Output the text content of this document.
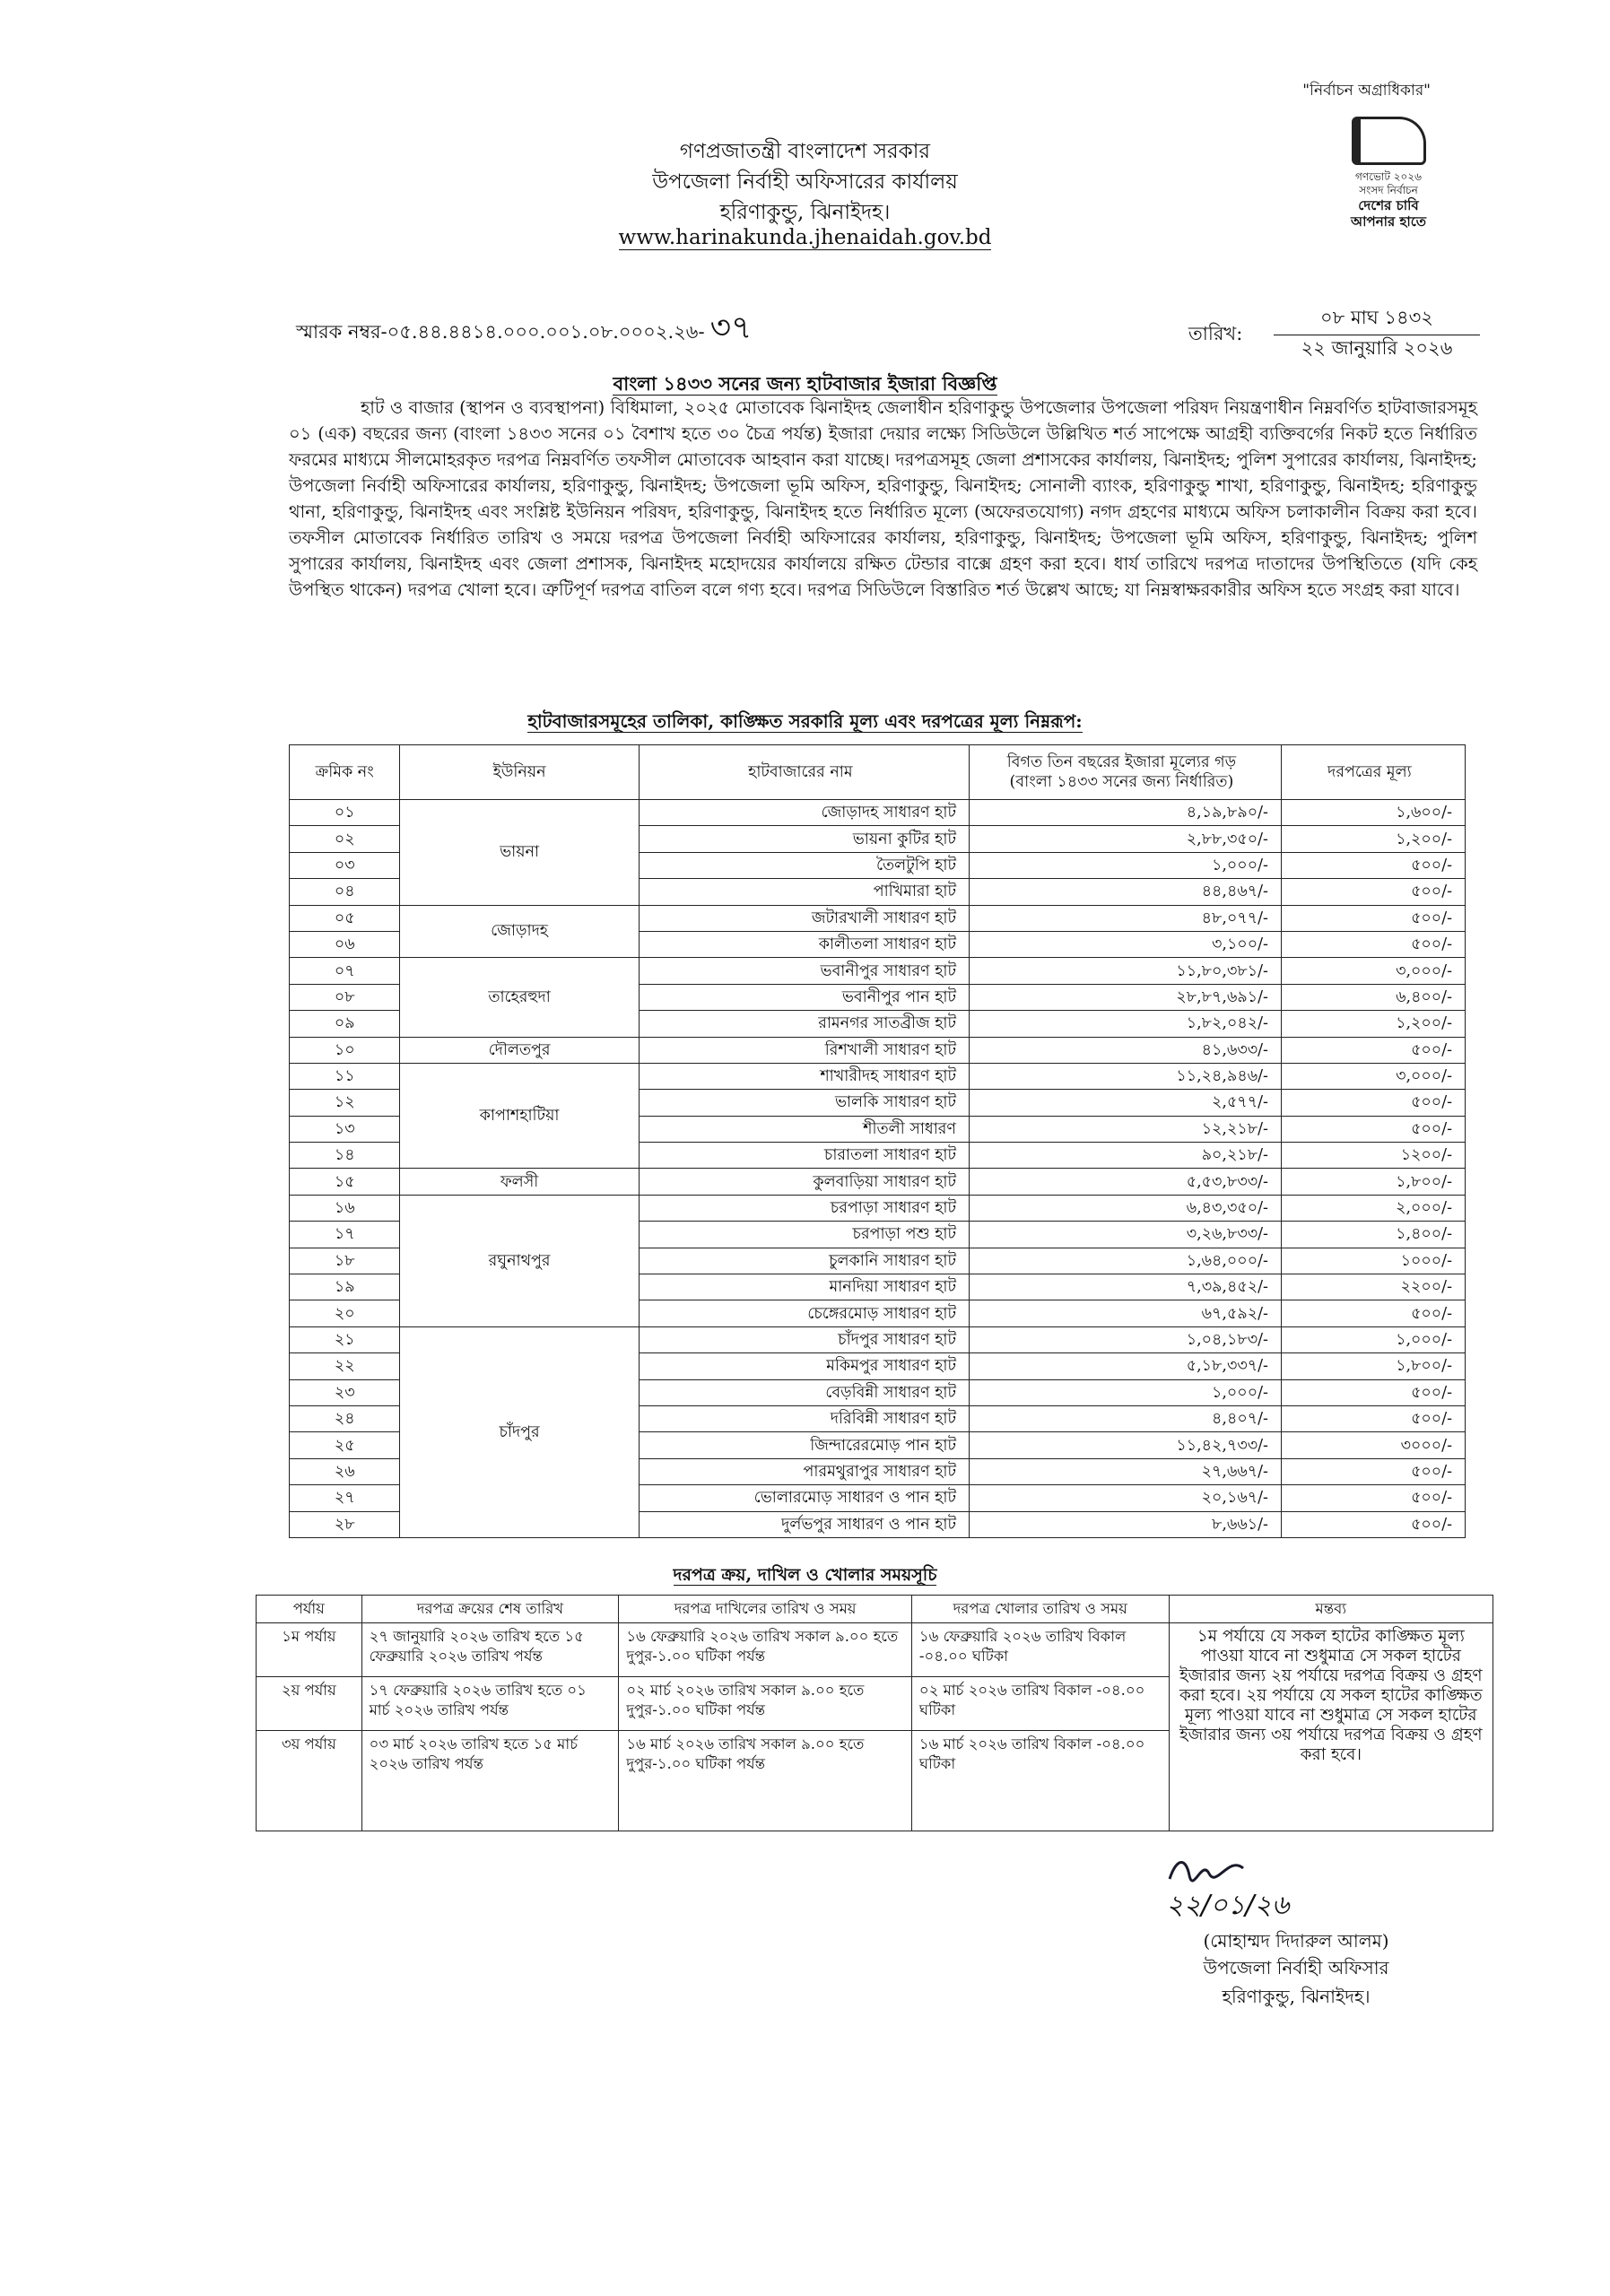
"নির্বাচন অগ্রাধিকার"
গণপ্রজাতন্ত্রী বাংলাদেশ সরকার
উপজেলা নির্বাহী অফিসারের কার্যালয়
হরিণাকুন্ডু, ঝিনাইদহ।
www.harinakunda.jhenaidah.gov.bd
গণভোট ২০২৬
সংসদ নির্বাচন
দেশের চাবি
আপনার হাতে
স্মারক নম্বর-০৫.৪৪.৪৪১৪.০০০.০০১.০৮.০০০২.২৬- ৩৭	তারিখ:
০৮ মাঘ ১৪৩২
২২ জানুয়ারি ২০২৬
বাংলা ১৪৩৩ সনের জন্য হাটবাজার ইজারা বিজ্ঞপ্তি
হাট ও বাজার (স্থাপন ও ব্যবস্থাপনা) বিধিমালা, ২০২৫ মোতাবেক ঝিনাইদহ জেলাধীন হরিণাকুন্ডু উপজেলার উপজেলা পরিষদ নিয়ন্ত্রণাধীন নিম্নবর্ণিত হাটবাজারসমূহ ০১ (এক) বছরের জন্য (বাংলা ১৪৩৩ সনের ০১ বৈশাখ হতে ৩০ চৈত্র পর্যন্ত) ইজারা দেয়ার লক্ষ্যে সিডিউলে উল্লিখিত শর্ত সাপেক্ষে আগ্রহী ব্যক্তিবর্গের নিকট হতে নির্ধারিত ফরমের মাধ্যমে সীলমোহরকৃত দরপত্র নিম্নবর্ণিত তফসীল মোতাবেক আহবান করা যাচ্ছে। দরপত্রসমূহ জেলা প্রশাসকের কার্যালয়, ঝিনাইদহ; পুলিশ সুপারের কার্যালয়, ঝিনাইদহ; উপজেলা নির্বাহী অফিসারের কার্যালয়, হরিণাকুন্ডু, ঝিনাইদহ; উপজেলা ভূমি অফিস, হরিণাকুন্ডু, ঝিনাইদহ; সোনালী ব্যাংক, হরিণাকুন্ডু শাখা, হরিণাকুন্ডু, ঝিনাইদহ; হরিণাকুন্ডু থানা, হরিণাকুন্ডু, ঝিনাইদহ এবং সংশ্লিষ্ট ইউনিয়ন পরিষদ, হরিণাকুন্ডু, ঝিনাইদহ হতে নির্ধারিত মূল্যে (অফেরতযোগ্য) নগদ গ্রহণের মাধ্যমে অফিস চলাকালীন বিক্রয় করা হবে। তফসীল মোতাবেক নির্ধারিত তারিখ ও সময়ে দরপত্র উপজেলা নির্বাহী অফিসারের কার্যালয়, হরিণাকুন্ডু, ঝিনাইদহ; উপজেলা ভূমি অফিস, হরিণাকুন্ডু, ঝিনাইদহ; পুলিশ সুপারের কার্যালয়, ঝিনাইদহ এবং জেলা প্রশাসক, ঝিনাইদহ মহোদয়ের কার্যালয়ে রক্ষিত টেন্ডার বাক্সে গ্রহণ করা হবে। ধার্য তারিখে দরপত্র দাতাদের উপস্থিতিতে (যদি কেহ উপস্থিত থাকেন) দরপত্র খোলা হবে। ত্রুটিপূর্ণ দরপত্র বাতিল বলে গণ্য হবে। দরপত্র সিডিউলে বিস্তারিত শর্ত উল্লেখ আছে; যা নিম্নস্বাক্ষরকারীর অফিস হতে সংগ্রহ করা যাবে।
হাটবাজারসমূহের তালিকা, কাঙ্ক্ষিত সরকারি মূল্য এবং দরপত্রের মূল্য নিম্নরূপ:
ক্রমিক নং	ইউনিয়ন	হাটবাজারের নাম	বিগত তিন বছরের ইজারা মূল্যের গড়
(বাংলা ১৪৩৩ সনের জন্য নির্ধারিত)	দরপত্রের মূল্য
০১	ভায়না	জোড়াদহ সাধারণ হাট	৪,১৯,৮৯০/-	১,৬০০/-
০২		ভায়না কুটির হাট	২,৮৮,৩৫০/-	১,২০০/-
০৩		তৈলটুপি হাট	১,০০০/-	৫০০/-
০৪		পাখিমারা হাট	৪৪,৪৬৭/-	৫০০/-
০৫	জোড়াদহ	জটারখালী সাধারণ হাট	৪৮,০৭৭/-	৫০০/-
০৬		কালীতলা সাধারণ হাট	৩,১০০/-	৫০০/-
০৭	তাহেরহুদা	ভবানীপুর সাধারণ হাট	১১,৮০,৩৮১/-	৩,০০০/-
০৮		ভবানীপুর পান হাট	২৮,৮৭,৬৯১/-	৬,৪০০/-
০৯		রামনগর সাতব্রীজ হাট	১,৮২,০৪২/-	১,২০০/-
১০	দৌলতপুর	রিশখালী সাধারণ হাট	৪১,৬৩৩/-	৫০০/-
১১	কাপাশহাটিয়া	শাখারীদহ সাধারণ হাট	১১,২৪,৯৪৬/-	৩,০০০/-
১২		ভালকি সাধারণ হাট	২,৫৭৭/-	৫০০/-
১৩		শীতলী সাধারণ	১২,২১৮/-	৫০০/-
১৪		চারাতলা সাধারণ হাট	৯০,২১৮/-	১২০০/-
১৫	ফলসী	কুলবাড়িয়া সাধারণ হাট	৫,৫৩,৮৩৩/-	১,৮০০/-
১৬	রঘুনাথপুর	চরপাড়া সাধারণ হাট	৬,৪৩,৩৫০/-	২,০০০/-
১৭		চরপাড়া পশু হাট	৩,২৬,৮৩৩/-	১,৪০০/-
১৮		চুলকানি সাধারণ হাট	১,৬৪,০০০/-	১০০০/-
১৯		মানদিয়া সাধারণ হাট	৭,৩৯,৪৫২/-	২২০০/-
২০		চেঙ্গেরমোড় সাধারণ হাট	৬৭,৫৯২/-	৫০০/-
২১	চাঁদপুর	চাঁদপুর সাধারণ হাট	১,০৪,১৮৩/-	১,০০০/-
২২		মকিমপুর সাধারণ হাট	৫,১৮,৩৩৭/-	১,৮০০/-
২৩		বেড়বিন্নী সাধারণ হাট	১,০০০/-	৫০০/-
২৪		দরিবিন্নী সাধারণ হাট	৪,৪০৭/-	৫০০/-
২৫		জিন্দারেরমোড় পান হাট	১১,৪২,৭৩৩/-	৩০০০/-
২৬		পারমথুরাপুর সাধারণ হাট	২৭,৬৬৭/-	৫০০/-
২৭		ভোলারমোড় সাধারণ ও পান হাট	২০,১৬৭/-	৫০০/-
২৮		দুর্লভপুর সাধারণ ও পান হাট	৮,৬৬১/-	৫০০/-
দরপত্র ক্রয়, দাখিল ও খোলার সময়সূচি
পর্যায়	দরপত্র ক্রয়ের শেষ তারিখ	দরপত্র দাখিলের তারিখ ও সময়	দরপত্র খোলার তারিখ ও সময়	মন্তব্য
১ম পর্যায়	২৭ জানুয়ারি ২০২৬ তারিখ হতে ১৫ ফেব্রুয়ারি ২০২৬ তারিখ পর্যন্ত	১৬ ফেব্রুয়ারি ২০২৬ তারিখ সকাল ৯.০০ হতে দুপুর-১.০০ ঘটিকা পর্যন্ত	১৬ ফেব্রুয়ারি ২০২৬ তারিখ বিকাল -০৪.০০ ঘটিকা	১ম পর্যায়ে যে সকল হাটের কাঙ্ক্ষিত মূল্য পাওয়া যাবে না শুধুমাত্র সে সকল হাটের ইজারার জন্য ২য় পর্যায়ে দরপত্র বিক্রয় ও গ্রহণ করা হবে। ২য় পর্যায়ে যে সকল হাটের কাঙ্ক্ষিত মূল্য পাওয়া যাবে না শুধুমাত্র সে সকল হাটের ইজারার জন্য ৩য় পর্যায়ে দরপত্র বিক্রয় ও গ্রহণ করা হবে।
২য় পর্যায়	১৭ ফেব্রুয়ারি ২০২৬ তারিখ হতে ০১ মার্চ ২০২৬ তারিখ পর্যন্ত	০২ মার্চ ২০২৬ তারিখ সকাল ৯.০০ হতে দুপুর-১.০০ ঘটিকা পর্যন্ত	০২ মার্চ ২০২৬ তারিখ বিকাল -০৪.০০ ঘটিকা	
৩য় পর্যায়	০৩ মার্চ ২০২৬ তারিখ হতে ১৫ মার্চ ২০২৬ তারিখ পর্যন্ত	১৬ মার্চ ২০২৬ তারিখ সকাল ৯.০০ হতে দুপুর-১.০০ ঘটিকা পর্যন্ত	১৬ মার্চ ২০২৬ তারিখ বিকাল -০৪.০০ ঘটিকা	
২২/০১/২৬
(মোহাম্মদ দিদারুল আলম)
উপজেলা নির্বাহী অফিসার
হরিণাকুন্ডু, ঝিনাইদহ।
